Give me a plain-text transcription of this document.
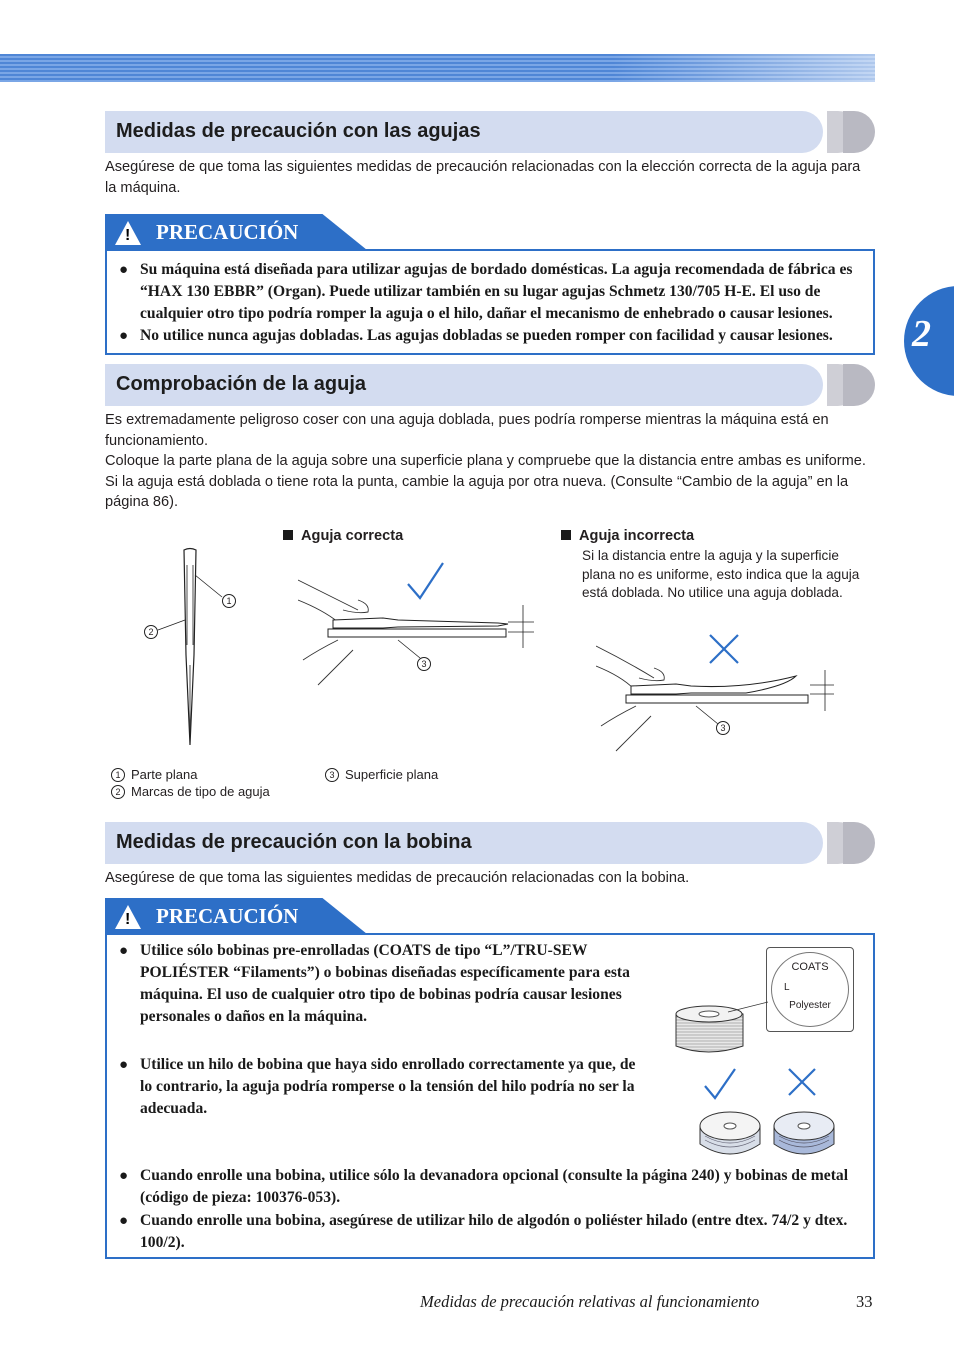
2
Medidas de precaución con las agujas

Asegúrese de que toma las siguientes medidas de precaución relacionadas con la elección correcta de la aguja para la máquina.

! PRECAUCIÓN
● Su máquina está diseñada para utilizar agujas de bordado domésticas. La aguja recomendada de fábrica es “HAX 130 EBBR” (Organ). Puede utilizar también en su lugar agujas Schmetz 130/705 H-E. El uso de cualquier otro tipo podría romper la aguja o el hilo, dañar el mecanismo de enhebrado o causar lesiones.
● No utilice nunca agujas dobladas. Las agujas dobladas se pueden romper con facilidad y causar lesiones.
Comprobación de la aguja

Es extremadamente peligroso coser con una aguja doblada, pues podría romperse mientras la máquina está en funcionamiento.

Coloque la parte plana de la aguja sobre una superficie plana y compruebe que la distancia entre ambas es uniforme. Si la aguja está doblada o tiene rota la punta, cambie la aguja por otra nueva. (Consulte “Cambio de la aguja” en la página 86).

1
2
Aguja correcta
3
Aguja incorrecta
Si la distancia entre la aguja y la superficie plana no es uniforme, esto indica que la aguja está doblada. No utilice una aguja doblada.
3
1 Parte plana
2 Marcas de tipo de aguja
3 Superficie plana
Medidas de precaución con la bobina

Asegúrese de que toma las siguientes medidas de precaución relacionadas con la bobina.

! PRECAUCIÓN
● Utilice sólo bobinas pre-enrolladas (COATS de tipo “L”/TRU-SEW POLIÉSTER “Filaments”) o bobinas diseñadas específicamente para esta máquina. El uso de cualquier otro tipo de bobinas podría causar lesiones personales o daños en la máquina.
● Utilice un hilo de bobina que haya sido enrollado correctamente ya que, de lo contrario, la aguja podría romperse o la tensión del hilo podría no ser la adecuada.
● Cuando enrolle una bobina, utilice sólo la devanadora opcional (consulte la página 240) y bobinas de metal (código de pieza: 100376-053).
● Cuando enrolle una bobina, asegúrese de utilizar hilo de algodón o poliéster hilado (entre dtex. 74/2 y dtex. 100/2).
COATS
L
Polyester
Medidas de precaución relativas al funcionamiento	33
